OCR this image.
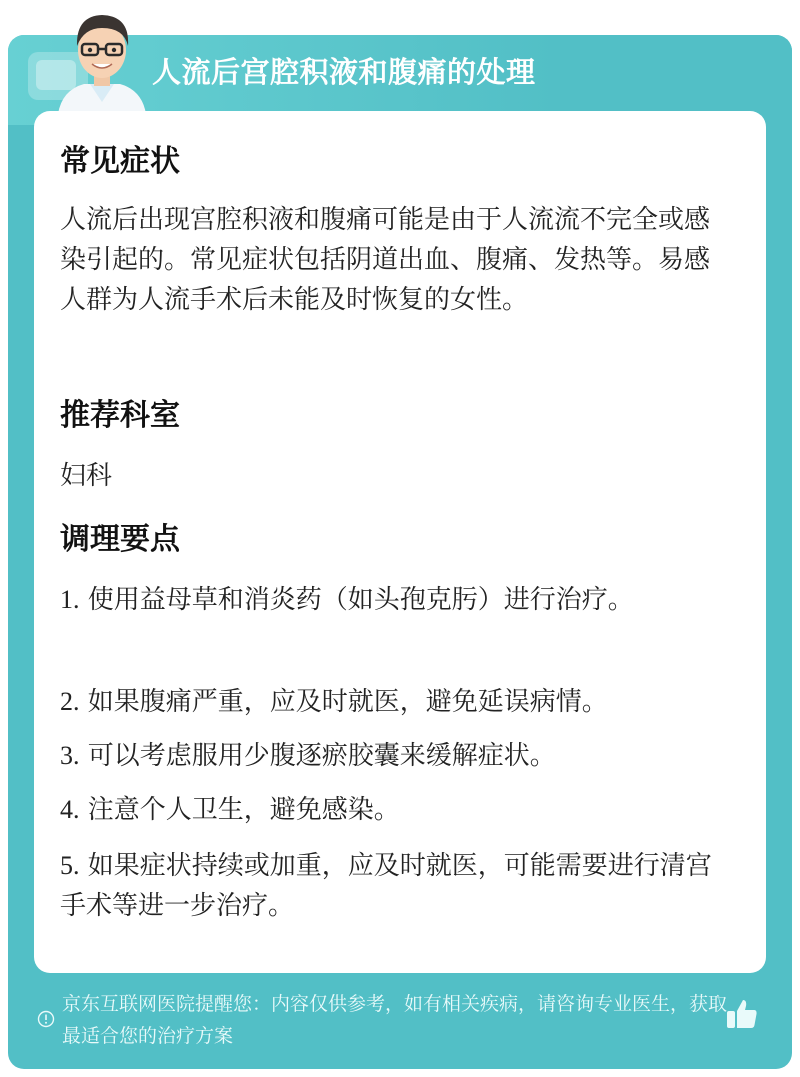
人流后宫腔积液和腹痛的处理
常见症状
人流后出现宫腔积液和腹痛可能是由于人流流不完全或感染引起的。常见症状包括阴道出血、腹痛、发热等。易感人群为人流手术后未能及时恢复的女性。
推荐科室
妇科
调理要点
1. 使用益母草和消炎药（如头孢克肟）进行治疗。
2. 如果腹痛严重，应及时就医，避免延误病情。
3. 可以考虑服用少腹逐瘀胶囊来缓解症状。
4. 注意个人卫生，避免感染。
5. 如果症状持续或加重，应及时就医，可能需要进行清宫手术等进一步治疗。
京东互联网医院提醒您：内容仅供参考，如有相关疾病，请咨询专业医生，获取最适合您的治疗方案
